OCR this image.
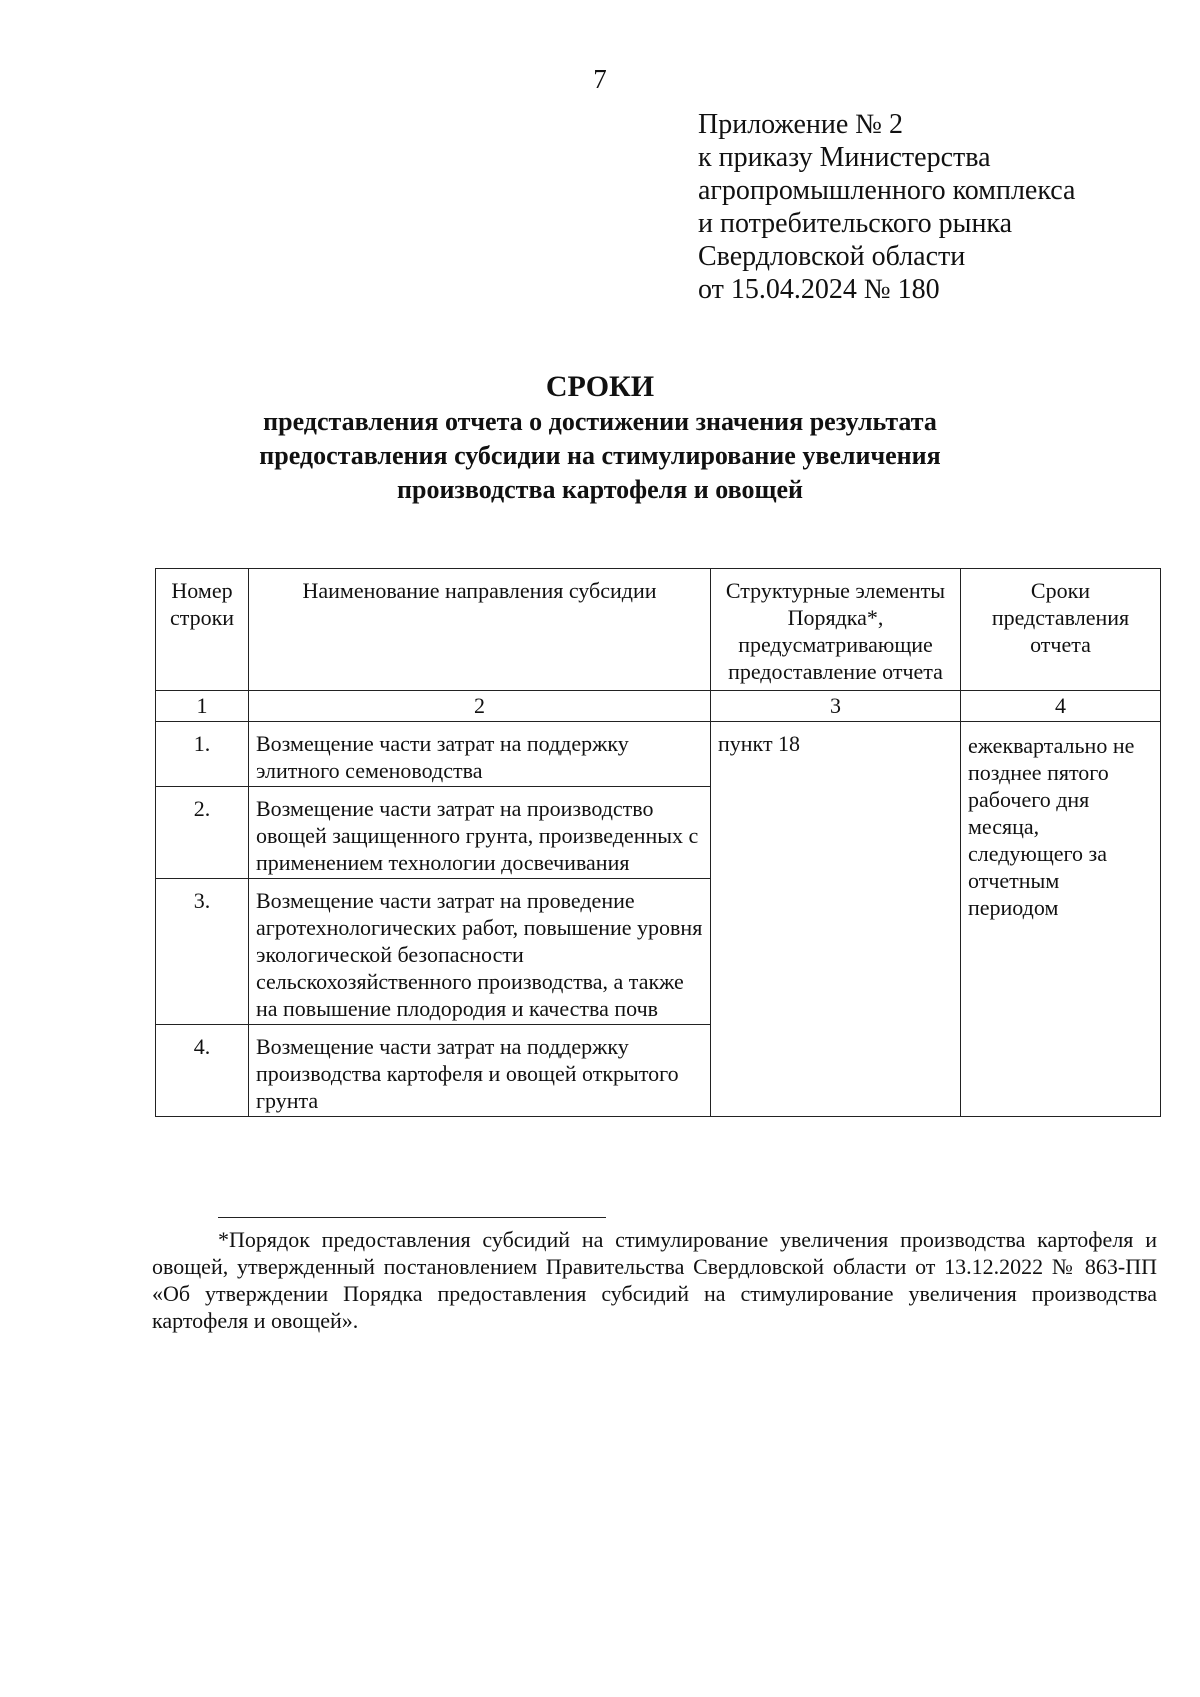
7
Приложение № 2
к приказу Министерства
агропромышленного комплекса
и потребительского рынка
Свердловской области
от 15.04.2024 № 180
СРОКИ
представления отчета о достижении значения результата
предоставления субсидии на стимулирование увеличения
производства картофеля и овощей
Номер строки	Наименование направления субсидии	Структурные элементы Порядка*, предусматривающие предоставление отчета	Сроки представления отчета
1	2	3	4
1.	Возмещение части затрат на поддержку элитного семеноводства	пункт 18	ежеквартально не позднее пятого рабочего дня месяца, следующего за отчетным периодом
2.	Возмещение части затрат на производство овощей защищенного грунта, произведенных с применением технологии досвечивания		
3.	Возмещение части затрат на проведение агротехнологических работ, повышение уровня экологической безопасности сельскохозяйственного производства, а также на повышение плодородия и качества почв		
4.	Возмещение части затрат на поддержку производства картофеля и овощей открытого грунта		
*Порядок предоставления субсидий на стимулирование увеличения производства картофеля и овощей, утвержденный постановлением Правительства Свердловской области от 13.12.2022 № 863-ПП «Об утверждении Порядка предоставления субсидий на стимулирование увеличения производства картофеля и овощей».
